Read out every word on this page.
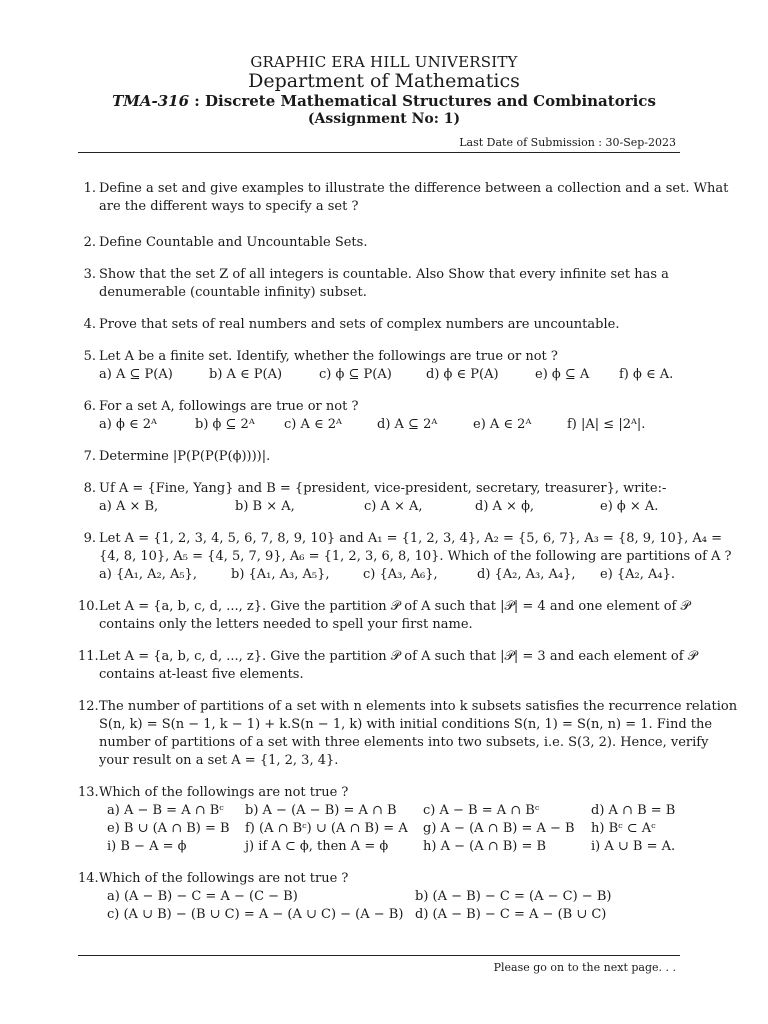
GRAPHIC ERA HILL UNIVERSITY
Department of Mathematics
TMA-316 : Discrete Mathematical Structures and Combinatorics
(Assignment No: 1)
Last Date of Submission : 30-Sep-2023
1. Define a set and give examples to illustrate the difference between a collection and a set. What
are the different ways to specify a set ?
2. Define Countable and Uncountable Sets.
3. Show that the set Z of all integers is countable. Also Show that every infinite set has a
denumerable (countable infinity) subset.
4. Prove that sets of real numbers and sets of complex numbers are uncountable.
5. Let A be a finite set. Identify, whether the followings are true or not ?
a) A ⊆ P(A)	b) A ∈ P(A)	c) ϕ ⊆ P(A)	d) ϕ ∈ P(A)	e) ϕ ⊆ A f) ϕ ∈ A.
6. For a set A, followings are true or not ?
a) ϕ ∈ 2ᴬ	b) ϕ ⊆ 2ᴬ c) A ∈ 2ᴬ	d) A ⊆ 2ᴬ	e) A ∈ 2ᴬ	f) |A| ≤ |2ᴬ|.
7. Determine |P(P(P(P(ϕ))))|.
8. Uf A = {Fine, Yang} and B = {president, vice-president, secretary, treasurer}, write:-
a) A × B,	b) B × A,	c) A × A,	d) A × ϕ,	e) ϕ × A.
9. Let A = {1, 2, 3, 4, 5, 6, 7, 8, 9, 10} and A₁ = {1, 2, 3, 4}, A₂ = {5, 6, 7}, A₃ = {8, 9, 10}, A₄ =
{4, 8, 10}, A₅ = {4, 5, 7, 9}, A₆ = {1, 2, 3, 6, 8, 10}. Which of the following are partitions of A ?
a) {A₁, A₂, A₅},	b) {A₁, A₃, A₅},	c) {A₃, A₆},	d) {A₂, A₃, A₄}, e) {A₂, A₄}.
10. Let A = {a, b, c, d, ..., z}. Give the partition 𝒫 of A such that |𝒫| = 4 and one element of 𝒫
contains only the letters needed to spell your first name.
11. Let A = {a, b, c, d, ..., z}. Give the partition 𝒫 of A such that |𝒫| = 3 and each element of 𝒫
contains at-least five elements.
12. The number of partitions of a set with n elements into k subsets satisfies the recurrence relation
S(n, k) = S(n − 1, k − 1) + k.S(n − 1, k) with initial conditions S(n, 1) = S(n, n) = 1. Find the
number of partitions of a set with three elements into two subsets, i.e. S(3, 2). Hence, verify
your result on a set A = {1, 2, 3, 4}.
13. Which of the followings are not true ?
a) A − B = A ∩ Bᶜ b) A − (A − B) = A ∩ B c) A − B = A ∩ Bᶜ	d) A ∩ B = B
e) B ∪ (A ∩ B) = B f) (A ∩ Bᶜ) ∪ (A ∩ B) = A g) A − (A ∩ B) = A − B h) Bᶜ ⊂ Aᶜ
i) B − A = ϕ	j) if A ⊂ ϕ, then A = ϕ	h) A − (A ∩ B) = B	i) A ∪ B = A.
14. Which of the followings are not true ?
a) (A − B) − C = A − (C − B)	b) (A − B) − C = (A − C) − B)
c) (A ∪ B) − (B ∪ C) = A − (A ∪ C) − (A − B) d) (A − B) − C = A − (B ∪ C)
Please go on to the next page. . .
